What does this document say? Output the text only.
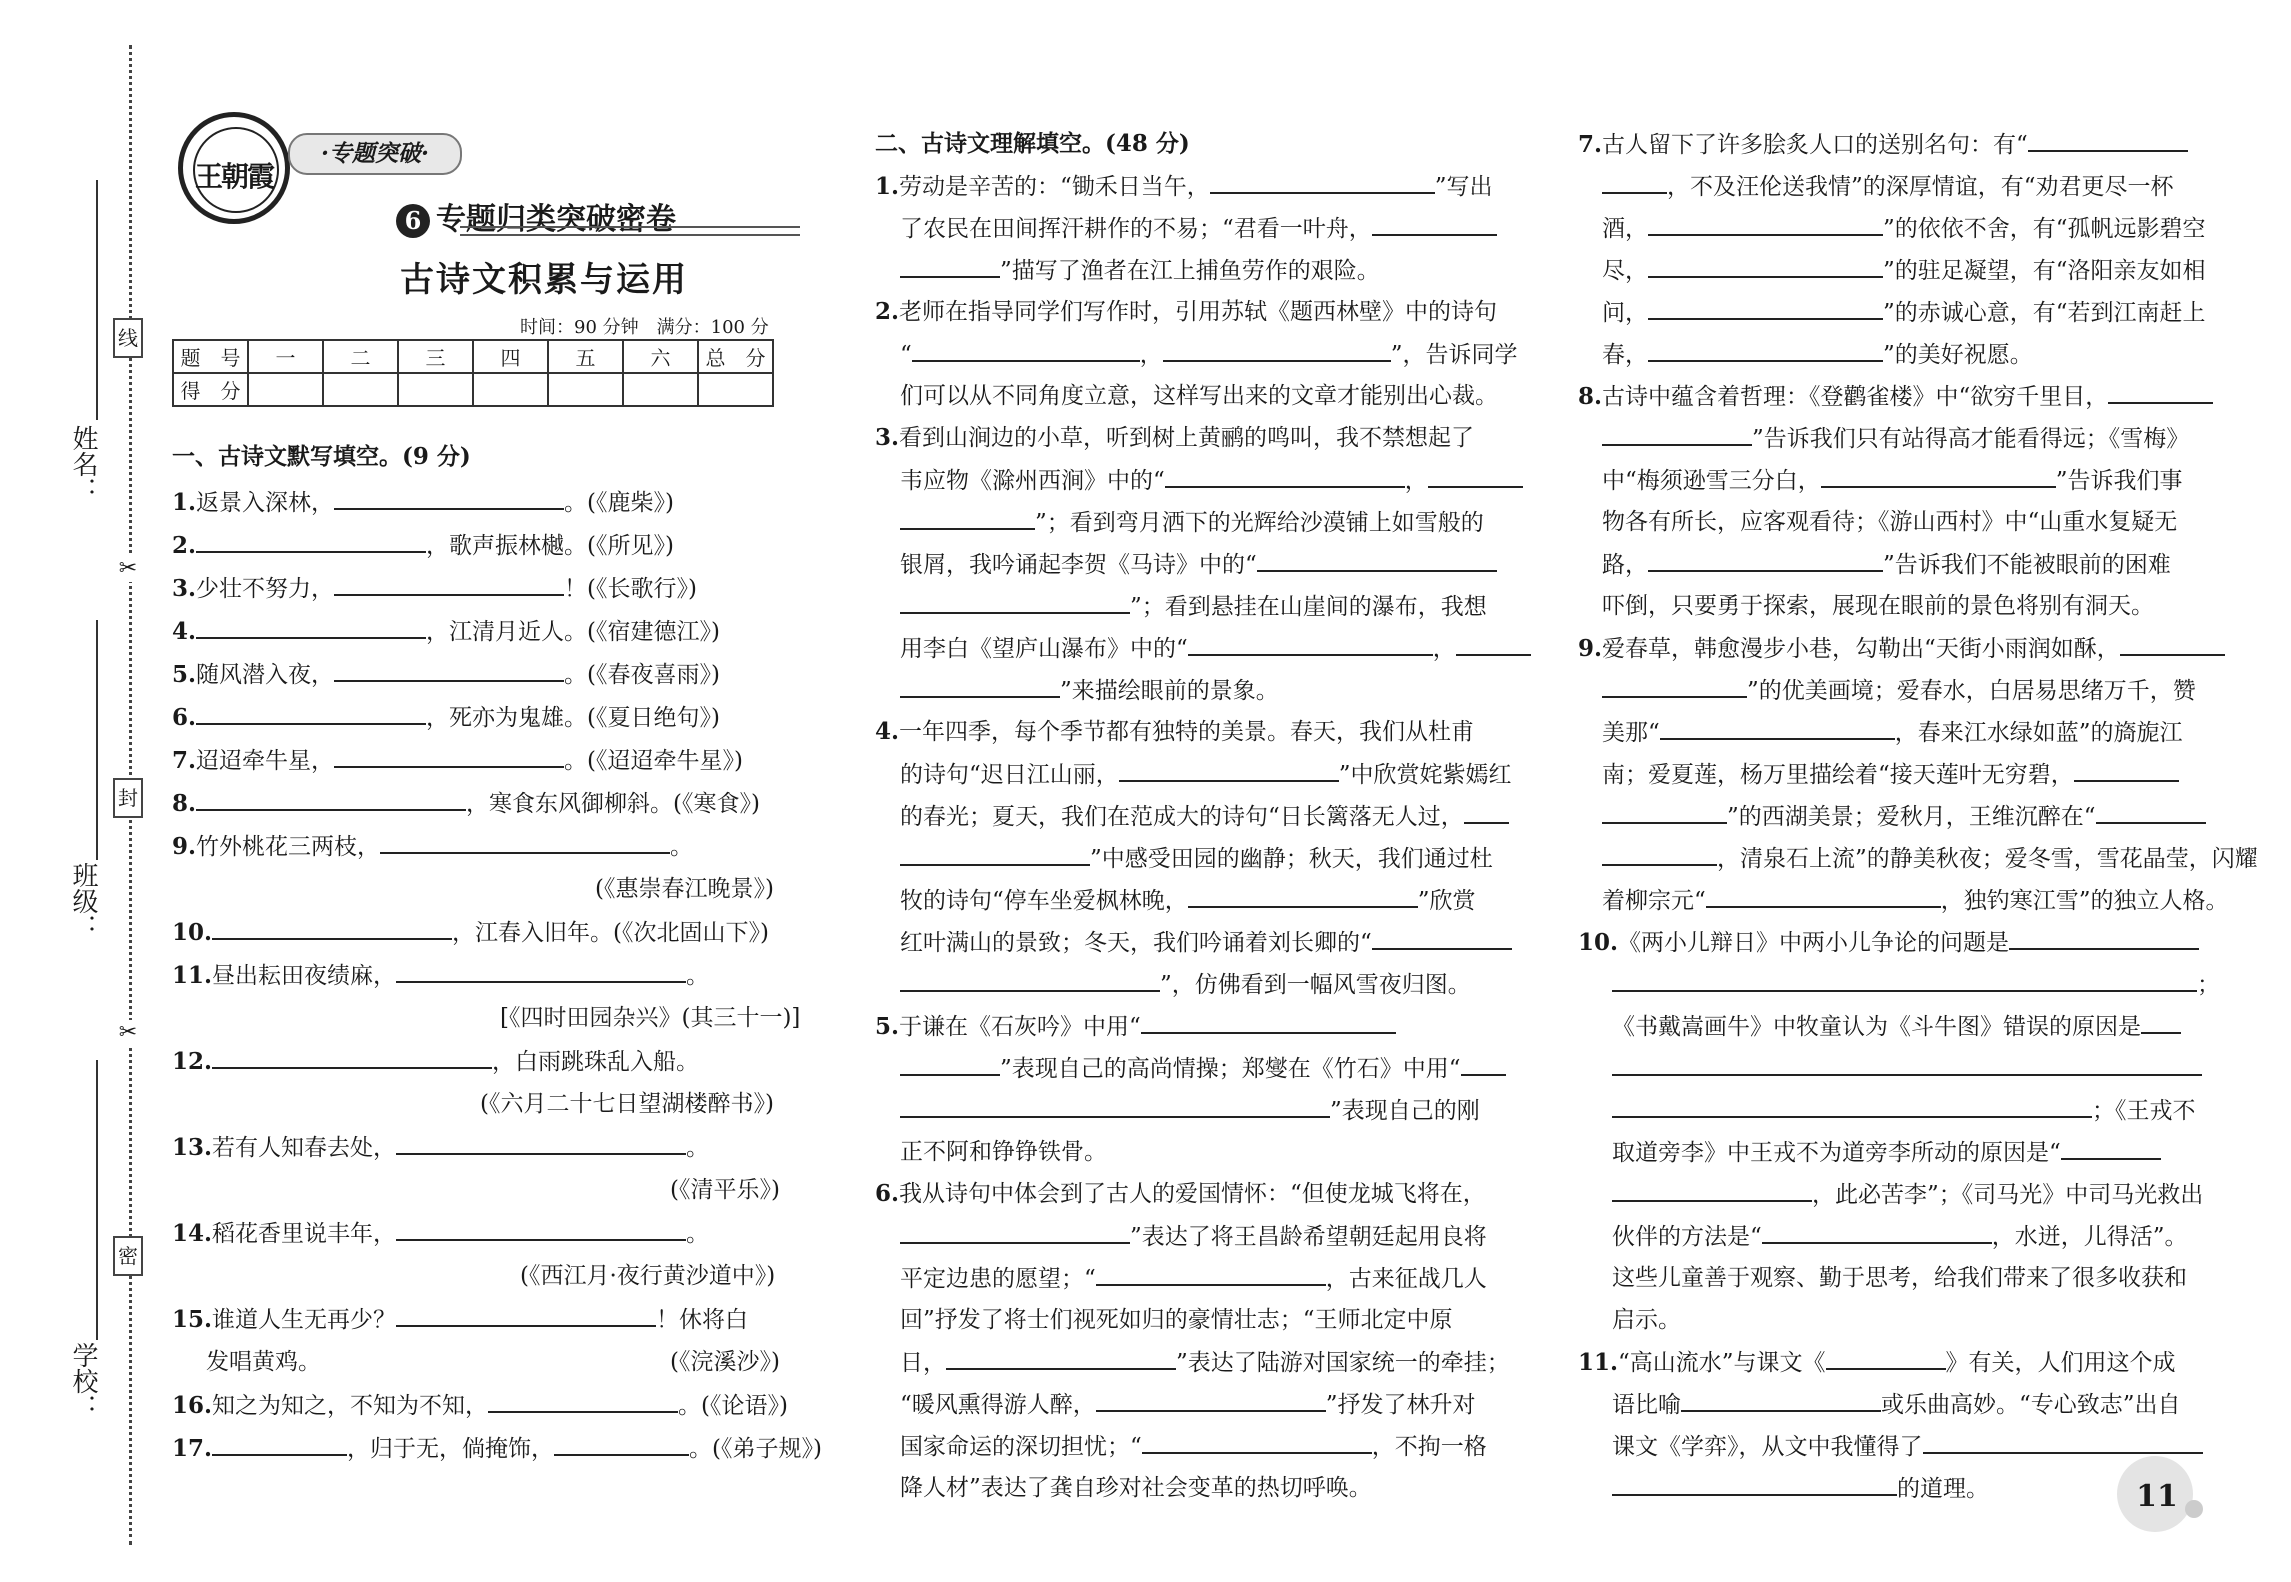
线
✂
封
✂
密
姓名：
班级：
学校：
王朝霞
·专题突破·
6 专题归类突破密卷
古诗文积累与运用
时间：90 分钟　满分：100 分
题　号	一	二	三	四	五	六	总　分
得　分							
一、古诗文默写填空。(9 分)
1.返景入深林，	。(《鹿柴》)
2.	，歌声振林樾。(《所见》)
3.少壮不努力，	！(《长歌行》)
4.	，江清月近人。(《宿建德江》)
5.随风潜入夜，	。(《春夜喜雨》)
6.	，死亦为鬼雄。(《夏日绝句》)
7.迢迢牵牛星，	。(《迢迢牵牛星》)
8.	，寒食东风御柳斜。(《寒食》)
9.竹外桃花三两枝，	。
(《惠崇春江晚景》)
10.	，江春入旧年。(《次北固山下》)
11.昼出耘田夜绩麻，	。
[《四时田园杂兴》(其三十一)]
12.	，白雨跳珠乱入船。
(《六月二十七日望湖楼醉书》)
13.若有人知春去处，	。
(《清平乐》)
14.稻花香里说丰年，	。
(《西江月·夜行黄沙道中》)
15.谁道人生无再少？	！休将白
发唱黄鸡。	(《浣溪沙》)
16.知之为知之，不知为不知，	。(《论语》)
17.	，归于无，倘掩饰，	。(《弟子规》)
二、古诗文理解填空。(48 分)
1.劳动是辛苦的：“锄禾日当午，	”写出
了农民在田间挥汗耕作的不易；“君看一叶舟，
”描写了渔者在江上捕鱼劳作的艰险。
2.老师在指导同学们写作时，引用苏轼《题西林壁》中的诗句
“	，	”，告诉同学
们可以从不同角度立意，这样写出来的文章才能别出心裁。
3.看到山涧边的小草，听到树上黄鹂的鸣叫，我不禁想起了
韦应物《滁州西涧》中的“	，
”；看到弯月洒下的光辉给沙漠铺上如雪般的
银屑，我吟诵起李贺《马诗》中的“
”；看到悬挂在山崖间的瀑布，我想
用李白《望庐山瀑布》中的“	，
”来描绘眼前的景象。
4.一年四季，每个季节都有独特的美景。春天，我们从杜甫
的诗句“迟日江山丽，	”中欣赏姹紫嫣红
的春光；夏天，我们在范成大的诗句“日长篱落无人过，
”中感受田园的幽静；秋天，我们通过杜
牧的诗句“停车坐爱枫林晚，	”欣赏
红叶满山的景致；冬天，我们吟诵着刘长卿的“
”，仿佛看到一幅风雪夜归图。
5.于谦在《石灰吟》中用“
”表现自己的高尚情操；郑燮在《竹石》中用“
”表现自己的刚
正不阿和铮铮铁骨。
6.我从诗句中体会到了古人的爱国情怀：“但使龙城飞将在，
”表达了将王昌龄希望朝廷起用良将
平定边患的愿望；“	，古来征战几人
回”抒发了将士们视死如归的豪情壮志；“王师北定中原
日，	”表达了陆游对国家统一的牵挂；
“暖风熏得游人醉，	”抒发了林升对
国家命运的深切担忧；“	，不拘一格
降人材”表达了龚自珍对社会变革的热切呼唤。
7.古人留下了许多脍炙人口的送别名句：有“
，不及汪伦送我情”的深厚情谊，有“劝君更尽一杯
酒，	”的依依不舍，有“孤帆远影碧空
尽，	”的驻足凝望，有“洛阳亲友如相
问，	”的赤诚心意，有“若到江南赶上
春，	”的美好祝愿。
8.古诗中蕴含着哲理：《登鹳雀楼》中“欲穷千里目，
”告诉我们只有站得高才能看得远；《雪梅》
中“梅须逊雪三分白，	”告诉我们事
物各有所长，应客观看待；《游山西村》中“山重水复疑无
路，	”告诉我们不能被眼前的困难
吓倒，只要勇于探索，展现在眼前的景色将别有洞天。
9.爱春草，韩愈漫步小巷，勾勒出“天街小雨润如酥，
”的优美画境；爱春水，白居易思绪万千，赞
美那“	，春来江水绿如蓝”的旖旎江
南；爱夏莲，杨万里描绘着“接天莲叶无穷碧，
”的西湖美景；爱秋月，王维沉醉在“
，清泉石上流”的静美秋夜；爱冬雪，雪花晶莹，闪耀
着柳宗元“	，独钓寒江雪”的独立人格。
10.《两小儿辩日》中两小儿争论的问题是
；
《书戴嵩画牛》中牧童认为《斗牛图》错误的原因是
；《王戎不
取道旁李》中王戎不为道旁李所动的原因是“
，此必苦李”；《司马光》中司马光救出
伙伴的方法是“	，水迸，儿得活”。
这些儿童善于观察、勤于思考，给我们带来了很多收获和
启示。
11.“高山流水”与课文《	》有关，人们用这个成
语比喻	或乐曲高妙。“专心致志”出自
课文《学弈》，从文中我懂得了
的道理。	11
